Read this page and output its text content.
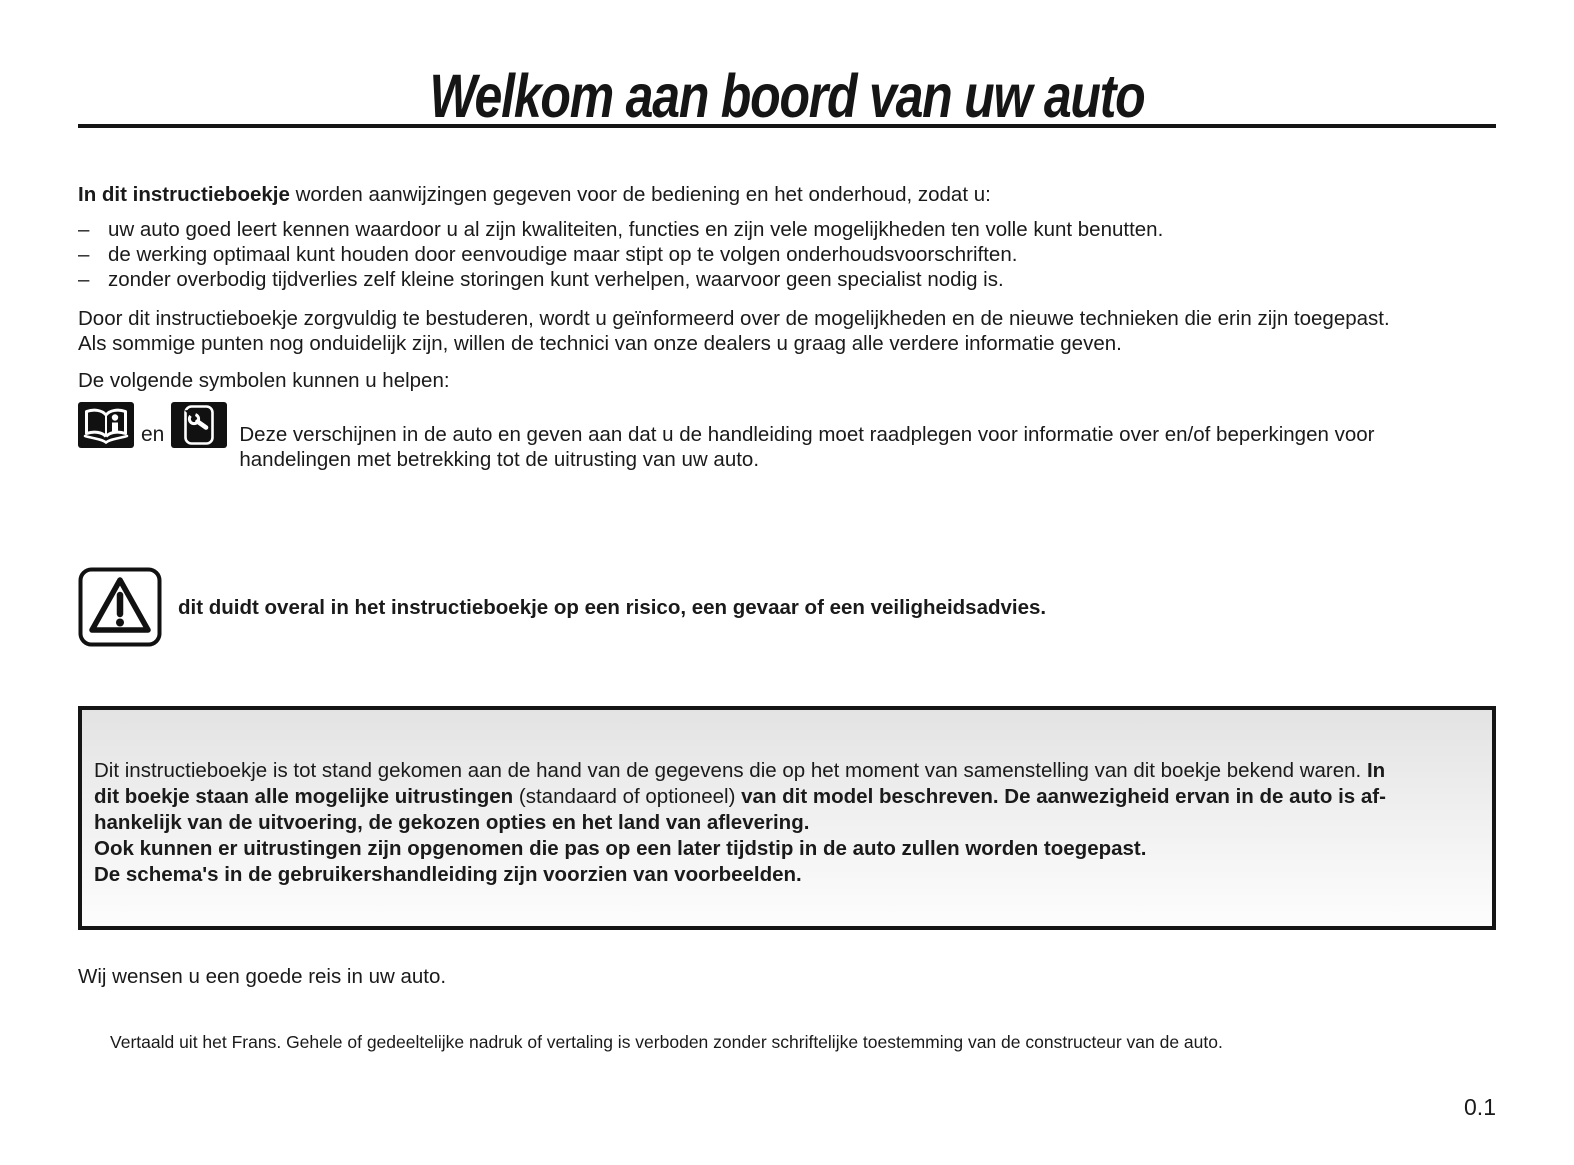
Welkom aan boord van uw auto
In dit instructieboekje worden aanwijzingen gegeven voor de bediening en het onderhoud, zodat u:
– uw auto goed leert kennen waardoor u al zijn kwaliteiten, functies en zijn vele mogelijkheden ten volle kunt benutten.
– de werking optimaal kunt houden door eenvoudige maar stipt op te volgen onderhoudsvoorschriften.
– zonder overbodig tijdverlies zelf kleine storingen kunt verhelpen, waarvoor geen specialist nodig is.
Door dit instructieboekje zorgvuldig te bestuderen, wordt u geïnformeerd over de mogelijkheden en de nieuwe technieken die erin zijn toegepast.
Als sommige punten nog onduidelijk zijn, willen de technici van onze dealers u graag alle verdere informatie geven.
De volgende symbolen kunnen u helpen:
en	Deze verschijnen in de auto en geven aan dat u de handleiding moet raadplegen voor informatie over en/of beperkingen voor
handelingen met betrekking tot de uitrusting van uw auto.
dit duidt overal in het instructieboekje op een risico, een gevaar of een veiligheidsadvies.
Dit instructieboekje is tot stand gekomen aan de hand van de gegevens die op het moment van samenstelling van dit boekje bekend waren. In
dit boekje staan alle mogelijke uitrustingen (standaard of optioneel) van dit model beschreven. De aanwezigheid ervan in de auto is af-
hankelijk van de uitvoering, de gekozen opties en het land van aflevering.
Ook kunnen er uitrustingen zijn opgenomen die pas op een later tijdstip in de auto zullen worden toegepast.
De schema's in de gebruikershandleiding zijn voorzien van voorbeelden.
Wij wensen u een goede reis in uw auto.
Vertaald uit het Frans. Gehele of gedeeltelijke nadruk of vertaling is verboden zonder schriftelijke toestemming van de constructeur van de auto.
0.1
